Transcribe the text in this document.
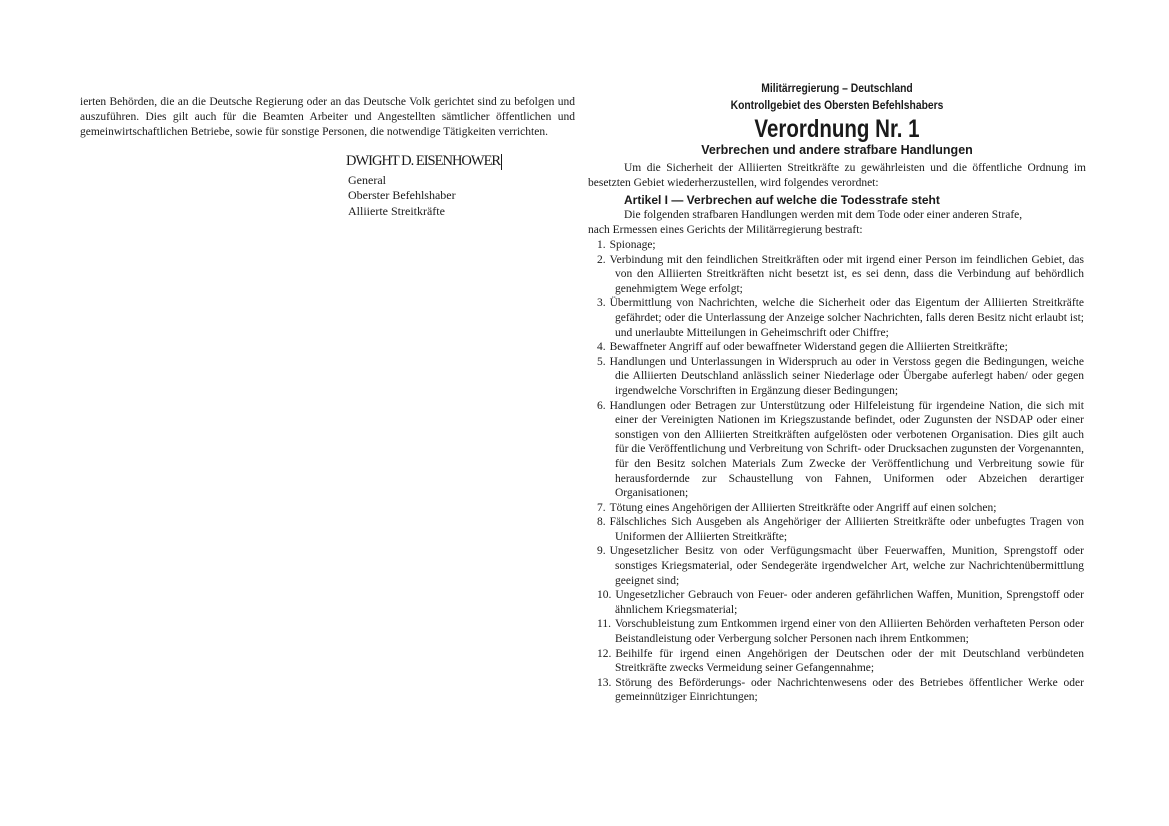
ierten Behörden, die an die Deutsche Regierung oder an das Deutsche Volk gerichtet sind zu befolgen und auszuführen. Dies gilt auch für die Beamten Arbeiter und Angestellten sämtlicher öffentlichen und gemeinwirtschaftlichen Betriebe, sowie für sonstige Personen, die notwendige Tätigkeiten verrichten.

DWIGHT D. EISENHOWER
General
Oberster Befehlshaber
Alliierte Streitkräfte
Militärregierung – Deutschland
Kontrollgebiet des Obersten Befehlshabers
Verordnung Nr. 1
Verbrechen und andere strafbare Handlungen

Um die Sicherheit der Alliierten Streitkräfte zu gewährleisten und die öffentliche Ordnung im besetzten Gebiet wiederherzustellen, wird folgendes verordnet:

Artikel I — Verbrechen auf welche die Todesstrafe steht
Die folgenden strafbaren Handlungen werden mit dem Tode oder einer anderen Strafe,
nach Ermessen eines Gerichts der Militärregierung bestraft:
1. Spionage;
2. Verbindung mit den feindlichen Streitkräften oder mit irgend einer Person im feindlichen Gebiet, das von den Alliierten Streitkräften nicht besetzt ist, es sei denn, dass die Verbindung auf behördlich genehmigtem Wege erfolgt;
3. Übermittlung von Nachrichten, welche die Sicherheit oder das Eigentum der Alliierten Streitkräfte gefährdet; oder die Unterlassung der Anzeige solcher Nachrichten, falls deren Besitz nicht erlaubt ist; und unerlaubte Mitteilungen in Geheimschrift oder Chiffre;
4. Bewaffneter Angriff auf oder bewaffneter Widerstand gegen die Alliierten Streitkräfte;
5. Handlungen und Unterlassungen in Widerspruch au oder in Verstoss gegen die Bedingungen, weiche die Alliierten Deutschland anlässlich seiner Niederlage oder Übergabe auferlegt haben/ oder gegen irgendwelche Vorschriften in Ergänzung dieser Bedingungen;
6. Handlungen oder Betragen zur Unterstützung oder Hilfeleistung für irgendeine Nation, die sich mit einer der Vereinigten Nationen im Kriegszustande befindet, oder Zugunsten der NSDAP oder einer sonstigen von den Alliierten Streitkräften aufgelösten oder verbotenen Organisation. Dies gilt auch für die Veröffentlichung und Verbreitung von Schrift- oder Drucksachen zugunsten der Vorgenannten, für den Besitz solchen Materials Zum Zwecke der Veröffentlichung und Verbreitung sowie für herausfordernde zur Schaustellung von Fahnen, Uniformen oder Abzeichen derartiger Organisationen;
7. Tötung eines Angehörigen der Alliierten Streitkräfte oder Angriff auf einen solchen;
8. Fälschliches Sich Ausgeben als Angehöriger der Alliierten Streitkräfte oder unbefugtes Tragen von Uniformen der Alliierten Streitkräfte;
9. Ungesetzlicher Besitz von oder Verfügungsmacht über Feuerwaffen, Munition, Sprengstoff oder sonstiges Kriegsmaterial, oder Sendegeräte irgendwelcher Art, welche zur Nachrichtenübermittlung geeignet sind;
10. Ungesetzlicher Gebrauch von Feuer- oder anderen gefährlichen Waffen, Munition, Sprengstoff oder ähnlichem Kriegsmaterial;
11. Vorschubleistung zum Entkommen irgend einer von den Alliierten Behörden verhafteten Person oder Beistandleistung oder Verbergung solcher Personen nach ihrem Entkommen;
12. Beihilfe für irgend einen Angehörigen der Deutschen oder der mit Deutschland verbündeten Streitkräfte zwecks Vermeidung seiner Gefangennahme;
13. Störung des Beförderungs- oder Nachrichtenwesens oder des Betriebes öffentlicher Werke oder gemeinnütziger Einrichtungen;
